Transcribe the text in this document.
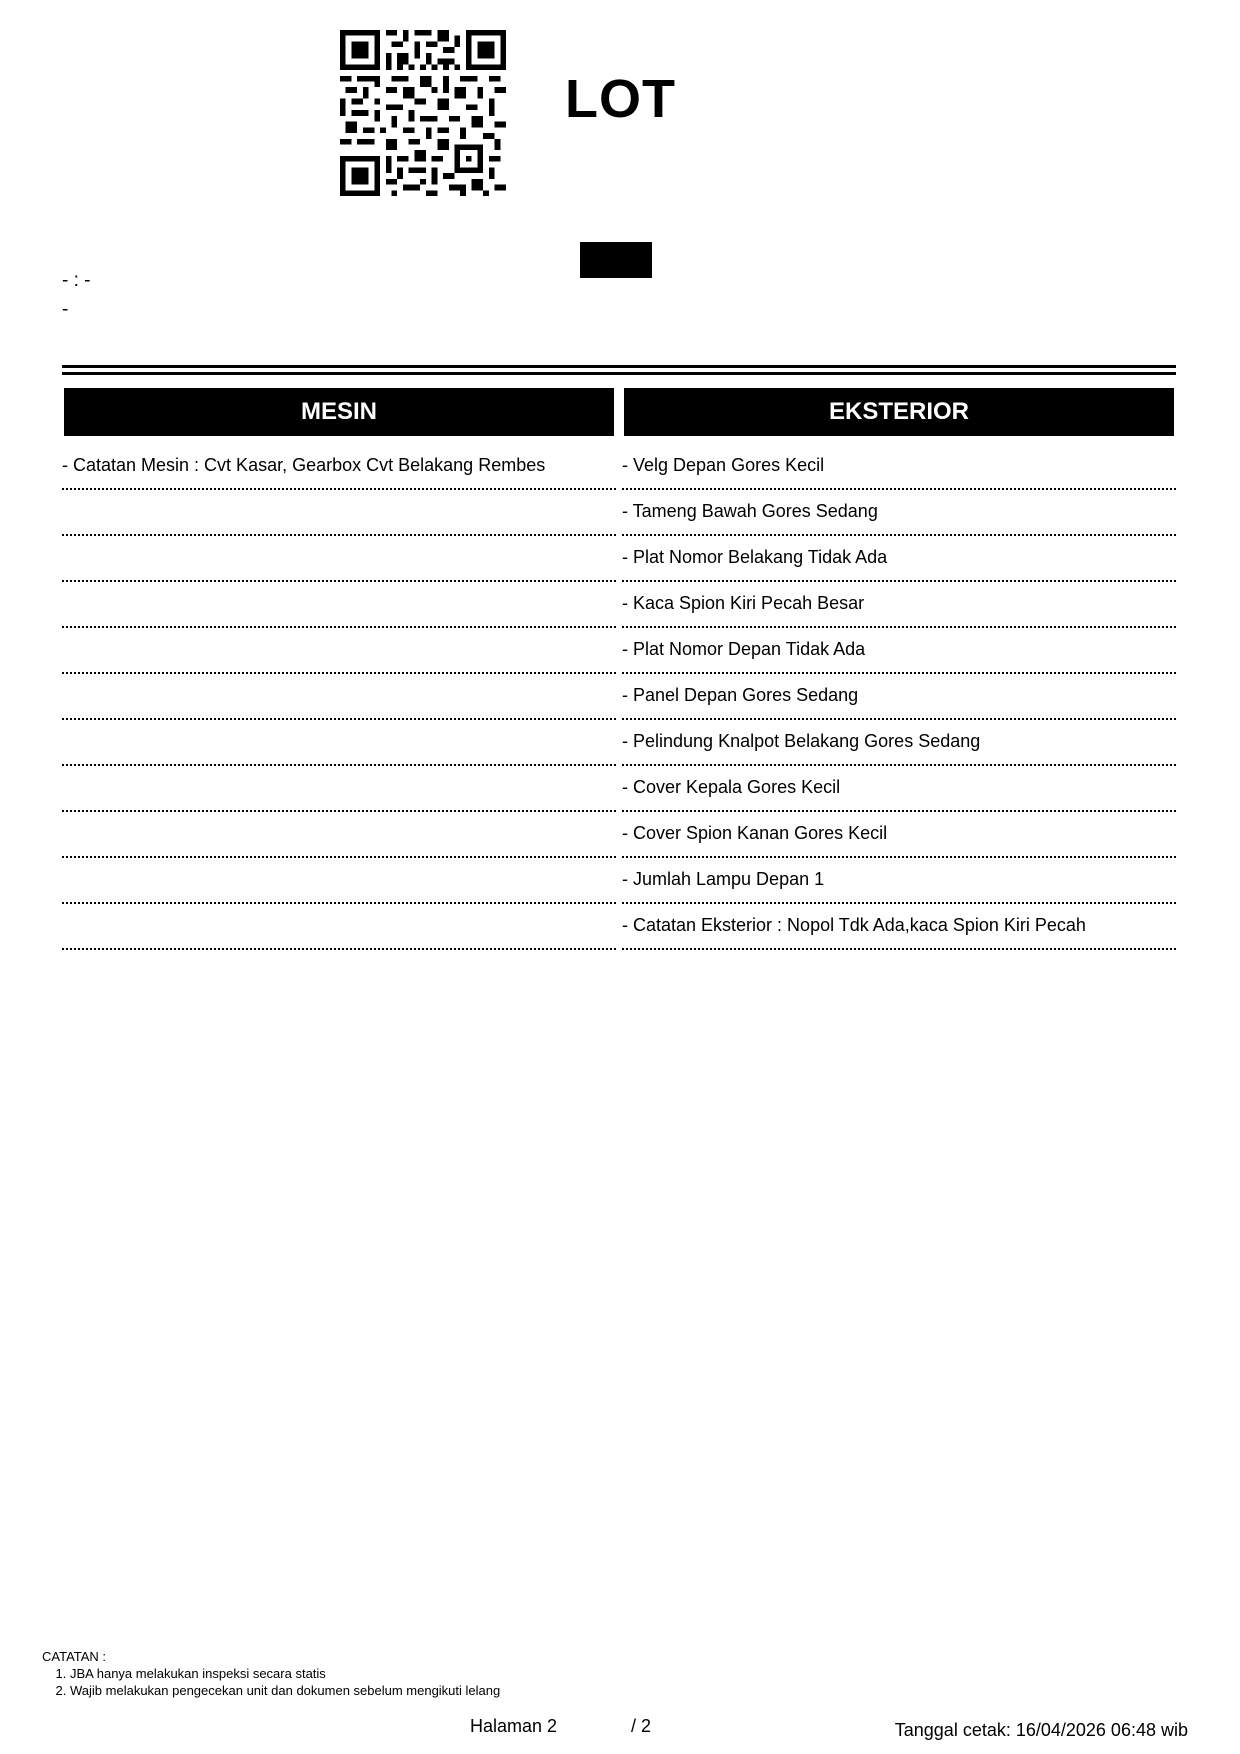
LOT
- : -
-
MESIN
- Catatan Mesin : Cvt Kasar, Gearbox Cvt Belakang Rembes
EKSTERIOR
- Velg Depan Gores Kecil
- Tameng Bawah Gores Sedang
- Plat Nomor Belakang Tidak Ada
- Kaca Spion Kiri Pecah Besar
- Plat Nomor Depan Tidak Ada
- Panel Depan Gores Sedang
- Pelindung Knalpot Belakang Gores Sedang
- Cover Kepala Gores Kecil
- Cover Spion Kanan Gores Kecil
- Jumlah Lampu Depan 1
- Catatan Eksterior : Nopol Tdk Ada,kaca Spion Kiri Pecah
CATATAN :
1. JBA hanya melakukan inspeksi secara statis
2. Wajib melakukan pengecekan unit dan dokumen sebelum mengikuti lelang
Halaman 2	/ 2	Tanggal cetak: 16/04/2026 06:48 wib
